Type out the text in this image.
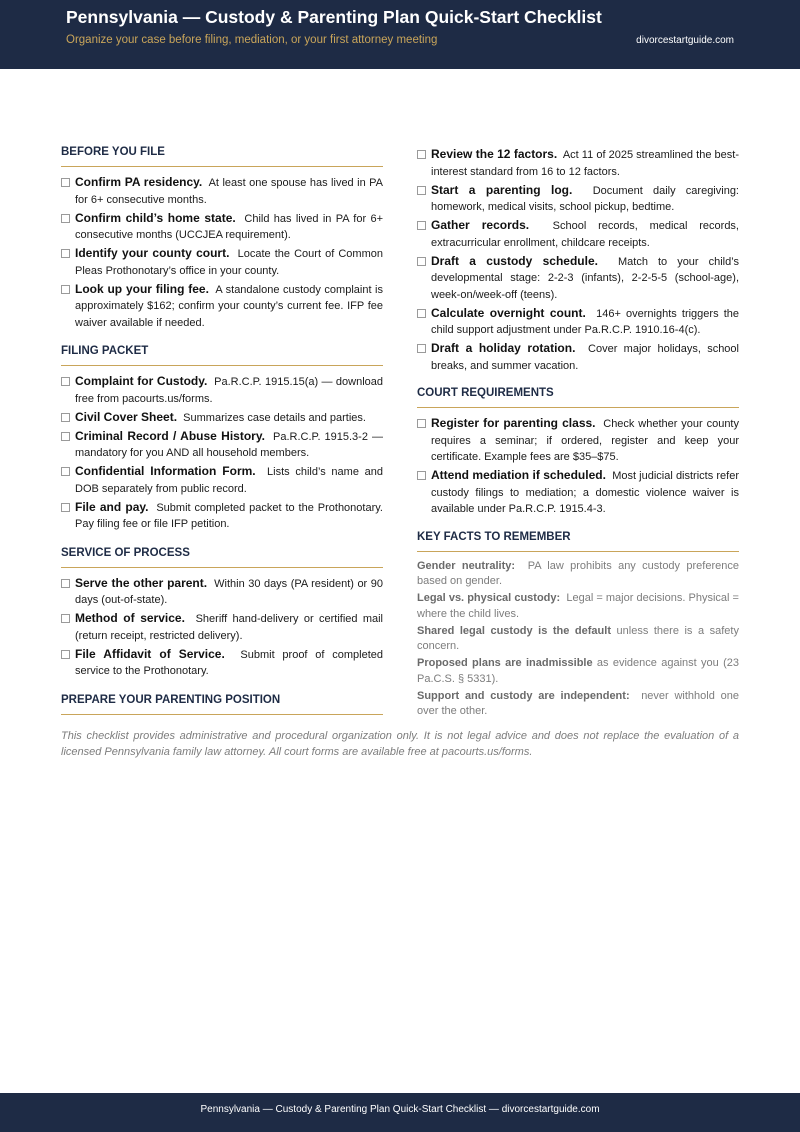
Pennsylvania — Custody & Parenting Plan Quick-Start Checklist
Organize your case before filing, mediation, or your first attorney meeting	divorcestartguide.com
BEFORE YOU FILE
Confirm PA residency. At least one spouse has lived in PA for 6+ consecutive months.
Confirm child’s home state. Child has lived in PA for 6+ consecutive months (UCCJEA requirement).
Identify your county court. Locate the Court of Common Pleas Prothonotary’s office in your county.
Look up your filing fee. A standalone custody complaint is approximately $162; confirm your county’s current fee. IFP fee waiver available if needed.
FILING PACKET
Complaint for Custody. Pa.R.C.P. 1915.15(a) — download free from pacourts.us/forms.
Civil Cover Sheet. Summarizes case details and parties.
Criminal Record / Abuse History. Pa.R.C.P. 1915.3-2 — mandatory for you AND all household members.
Confidential Information Form. Lists child’s name and DOB separately from public record.
File and pay. Submit completed packet to the Prothonotary. Pay filing fee or file IFP petition.
SERVICE OF PROCESS
Serve the other parent. Within 30 days (PA resident) or 90 days (out-of-state).
Method of service. Sheriff hand-delivery or certified mail (return receipt, restricted delivery).
File Affidavit of Service. Submit proof of completed service to the Prothonotary.
PREPARE YOUR PARENTING POSITION
Review the 12 factors. Act 11 of 2025 streamlined the best-interest standard from 16 to 12 factors.
Start a parenting log. Document daily caregiving: homework, medical visits, school pickup, bedtime.
Gather records. School records, medical records, extracurricular enrollment, childcare receipts.
Draft a custody schedule. Match to your child’s developmental stage: 2-2-3 (infants), 2-2-5-5 (school-age), week-on/week-off (teens).
Calculate overnight count. 146+ overnights triggers the child support adjustment under Pa.R.C.P. 1910.16-4(c).
Draft a holiday rotation. Cover major holidays, school breaks, and summer vacation.
COURT REQUIREMENTS
Register for parenting class. Check whether your county requires a seminar; if ordered, register and keep your certificate. Example fees are $35–$75.
Attend mediation if scheduled. Most judicial districts refer custody filings to mediation; a domestic violence waiver is available under Pa.R.C.P. 1915.4-3.
KEY FACTS TO REMEMBER
Gender neutrality: PA law prohibits any custody preference based on gender.
Legal vs. physical custody: Legal = major decisions. Physical = where the child lives.
Shared legal custody is the default unless there is a safety concern.
Proposed plans are inadmissible as evidence against you (23 Pa.C.S. § 5331).
Support and custody are independent: never withhold one over the other.
This checklist provides administrative and procedural organization only. It is not legal advice and does not replace the evaluation of a licensed Pennsylvania family law attorney. All court forms are available free at pacourts.us/forms.
Pennsylvania — Custody & Parenting Plan Quick-Start Checklist — divorcestartguide.com
